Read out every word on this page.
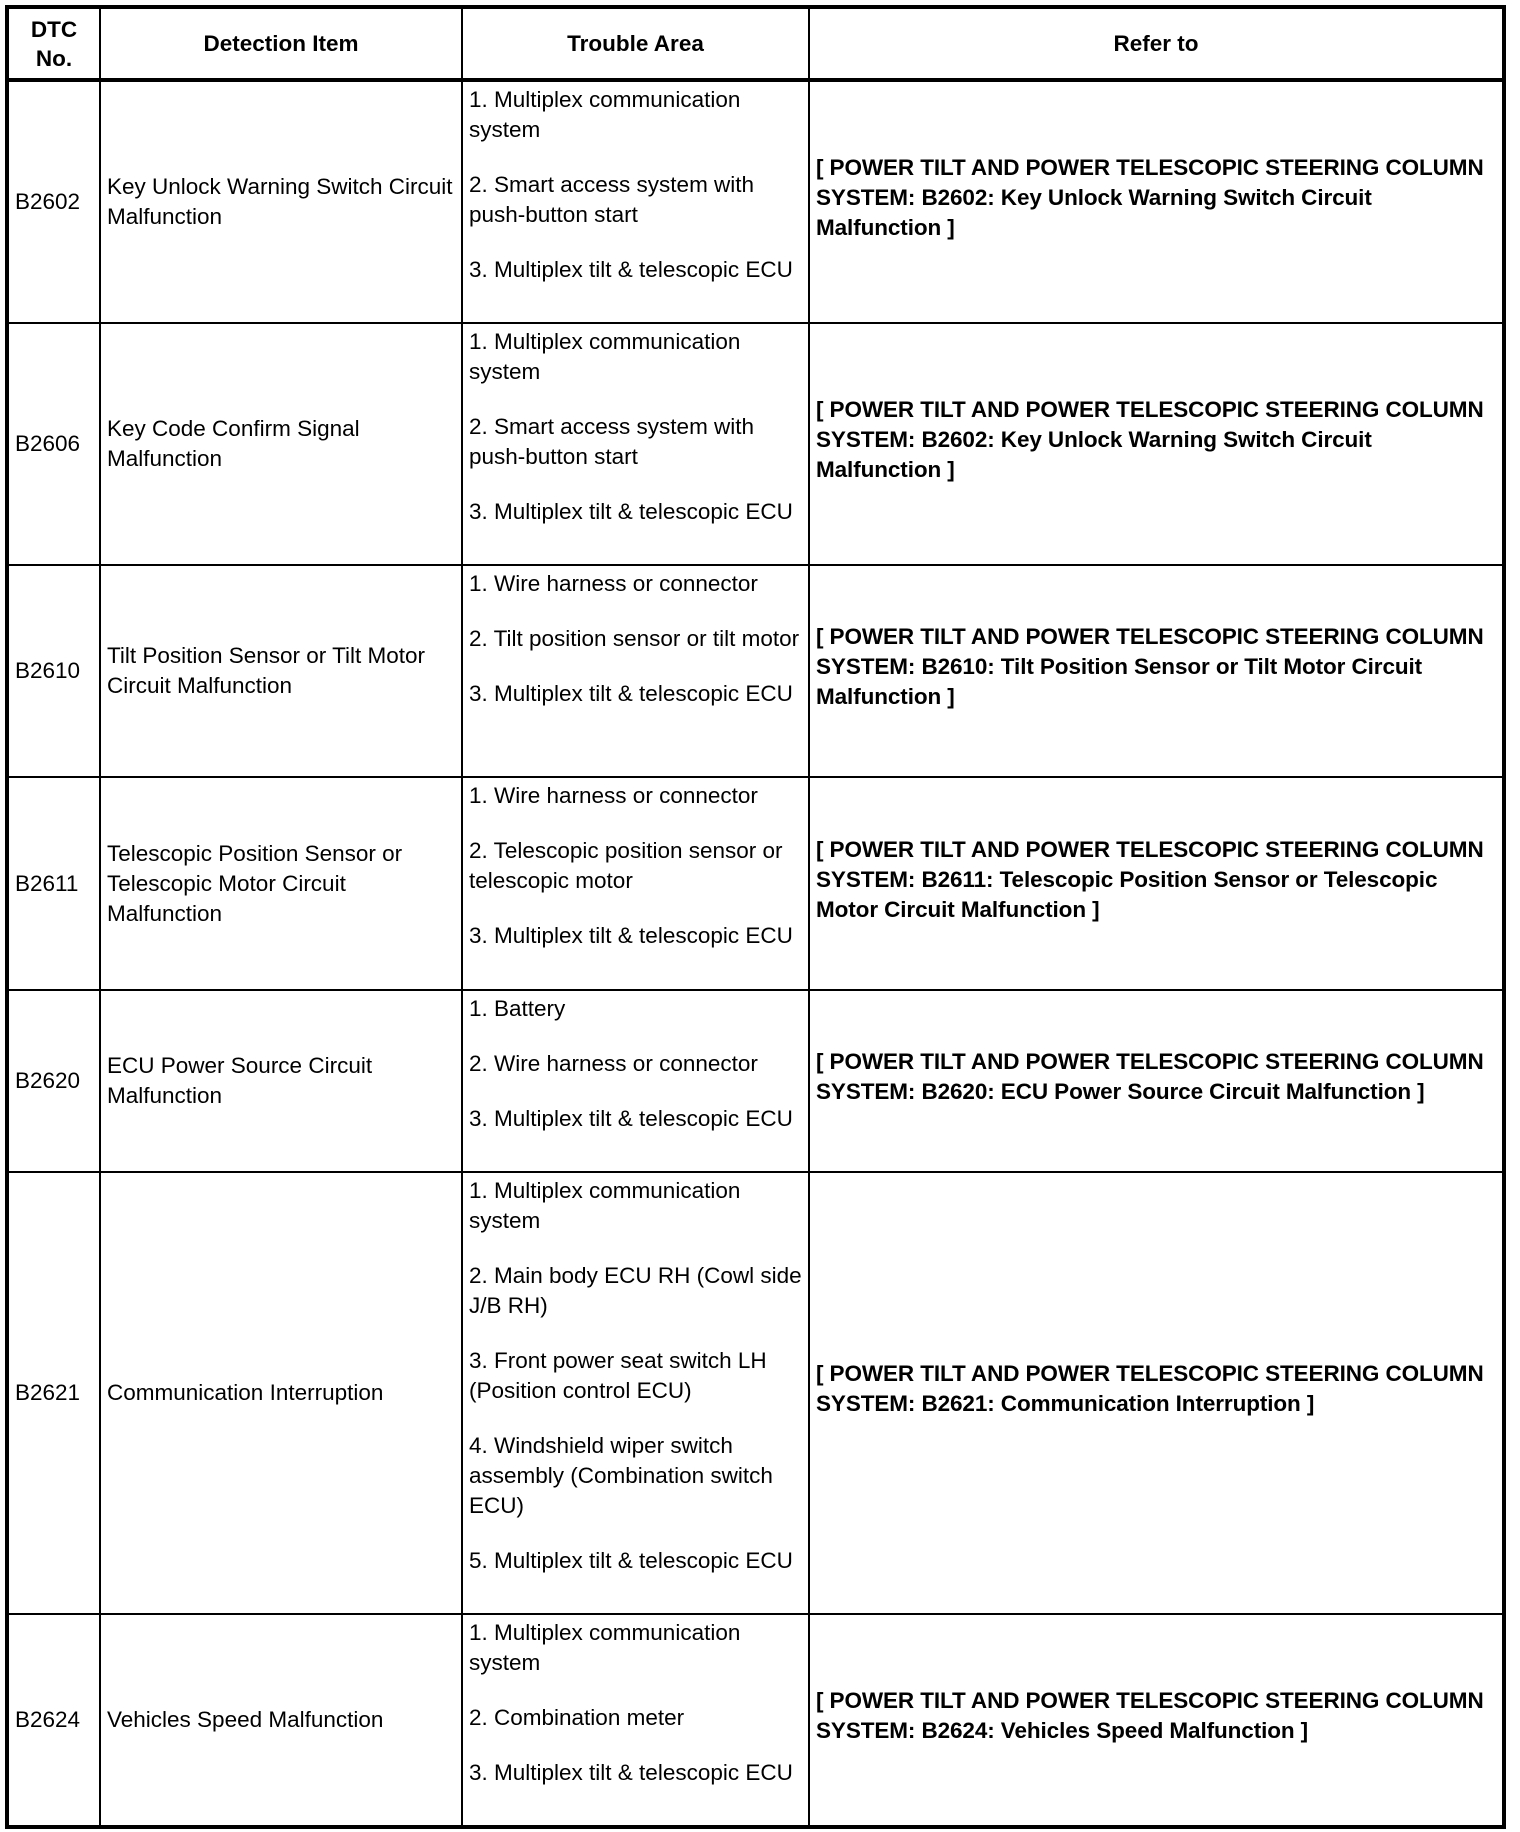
DTC No.	Detection Item	Trouble Area	Refer to
B2602	Key Unlock Warning Switch Circuit Malfunction	1. Multiplex communication system

2. Smart access system with push-button start

3. Multiplex tilt & telescopic ECU	[ POWER TILT AND POWER TELESCOPIC STEERING COLUMN SYSTEM: B2602: Key Unlock Warning Switch Circuit Malfunction ]
B2606	Key Code Confirm Signal Malfunction	1. Multiplex communication system

2. Smart access system with push-button start

3. Multiplex tilt & telescopic ECU	[ POWER TILT AND POWER TELESCOPIC STEERING COLUMN SYSTEM: B2602: Key Unlock Warning Switch Circuit Malfunction ]
B2610	Tilt Position Sensor or Tilt Motor Circuit Malfunction	1. Wire harness or connector

2. Tilt position sensor or tilt motor

3. Multiplex tilt & telescopic ECU	[ POWER TILT AND POWER TELESCOPIC STEERING COLUMN SYSTEM: B2610: Tilt Position Sensor or Tilt Motor Circuit Malfunction ]
B2611	Telescopic Position Sensor or Telescopic Motor Circuit Malfunction	1. Wire harness or connector

2. Telescopic position sensor or telescopic motor

3. Multiplex tilt & telescopic ECU	[ POWER TILT AND POWER TELESCOPIC STEERING COLUMN SYSTEM: B2611: Telescopic Position Sensor or Telescopic Motor Circuit Malfunction ]
B2620	ECU Power Source Circuit Malfunction	1. Battery

2. Wire harness or connector

3. Multiplex tilt & telescopic ECU	[ POWER TILT AND POWER TELESCOPIC STEERING COLUMN SYSTEM: B2620: ECU Power Source Circuit Malfunction ]
B2621	Communication Interruption	1. Multiplex communication system

2. Main body ECU RH (Cowl side J/B RH)

3. Front power seat switch LH (Position control ECU)

4. Windshield wiper switch assembly (Combination switch ECU)

5. Multiplex tilt & telescopic ECU	[ POWER TILT AND POWER TELESCOPIC STEERING COLUMN SYSTEM: B2621: Communication Interruption ]
B2624	Vehicles Speed Malfunction	1. Multiplex communication system

2. Combination meter

3. Multiplex tilt & telescopic ECU	[ POWER TILT AND POWER TELESCOPIC STEERING COLUMN SYSTEM: B2624: Vehicles Speed Malfunction ]
